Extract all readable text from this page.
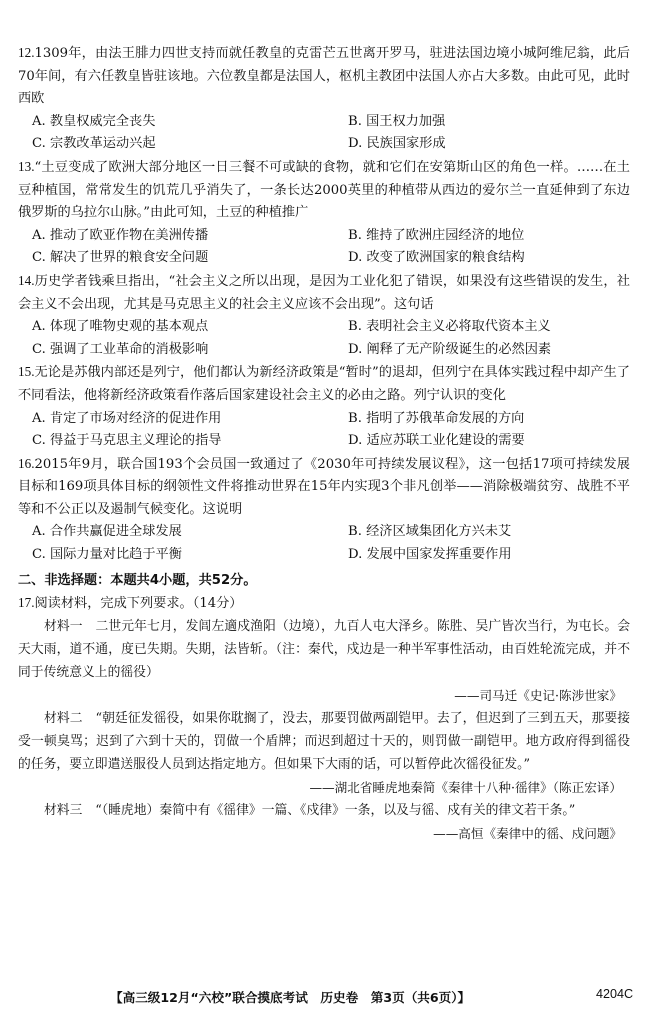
12.1309年，由法王腓力四世支持而就任教皇的克雷芒五世离开罗马，驻进法国边境小城阿维尼翁，此后70年间，有六任教皇皆驻该地。六位教皇都是法国人，枢机主教团中法国人亦占大多数。由此可见，此时西欧
A. 教皇权威完全丧失	B. 国王权力加强
C. 宗教改革运动兴起	D. 民族国家形成
13.“土豆变成了欧洲大部分地区一日三餐不可或缺的食物，就和它们在安第斯山区的角色一样。……在土豆种植国，常常发生的饥荒几乎消失了，一条长达2000英里的种植带从西边的爱尔兰一直延伸到了东边俄罗斯的乌拉尔山脉。”由此可知，土豆的种植推广
A. 推动了欧亚作物在美洲传播	B. 维持了欧洲庄园经济的地位
C. 解决了世界的粮食安全问题	D. 改变了欧洲国家的粮食结构
14.历史学者钱乘旦指出，“社会主义之所以出现，是因为工业化犯了错误，如果没有这些错误的发生，社会主义不会出现，尤其是马克思主义的社会主义应该不会出现”。这句话
A. 体现了唯物史观的基本观点	B. 表明社会主义必将取代资本主义
C. 强调了工业革命的消极影响	D. 阐释了无产阶级诞生的必然因素
15.无论是苏俄内部还是列宁，他们都认为新经济政策是“暂时”的退却，但列宁在具体实践过程中却产生了不同看法，他将新经济政策看作落后国家建设社会主义的必由之路。列宁认识的变化
A. 肯定了市场对经济的促进作用	B. 指明了苏俄革命发展的方向
C. 得益于马克思主义理论的指导	D. 适应苏联工业化建设的需要
16.2015年9月，联合国193个会员国一致通过了《2030年可持续发展议程》，这一包括17项可持续发展目标和169项具体目标的纲领性文件将推动世界在15年内实现3个非凡创举——消除极端贫穷、战胜不平等和不公正以及遏制气候变化。这说明
A. 合作共赢促进全球发展	B. 经济区域集团化方兴未艾
C. 国际力量对比趋于平衡	D. 发展中国家发挥重要作用
二、非选择题：本题共4小题，共52分。
17.阅读材料，完成下列要求。（14分）

材料一　二世元年七月，发闾左適戍渔阳（边境），九百人屯大泽乡。陈胜、吴广皆次当行，为屯长。会天大雨，道不通，度已失期。失期，法皆斩。（注：秦代，戍边是一种半军事性活动，由百姓轮流完成，并不同于传统意义上的徭役）

——司马迁《史记·陈涉世家》

材料二　“朝廷征发徭役，如果你耽搁了，没去，那要罚做两副铠甲。去了，但迟到了三到五天，那要接受一顿臭骂；迟到了六到十天的，罚做一个盾牌；而迟到超过十天的，则罚做一副铠甲。地方政府得到徭役的任务，要立即遣送服役人员到达指定地方。但如果下大雨的话，可以暂停此次徭役征发。”

——湖北省睡虎地秦简《秦律十八种·徭律》（陈正宏译）

材料三　“（睡虎地）秦简中有《徭律》一篇、《戍律》一条，以及与徭、戍有关的律文若干条。”

——高恒《秦律中的徭、戍问题》
【高三级12月“六校”联合摸底考试　历史卷　第3页（共6页）】	4204C
